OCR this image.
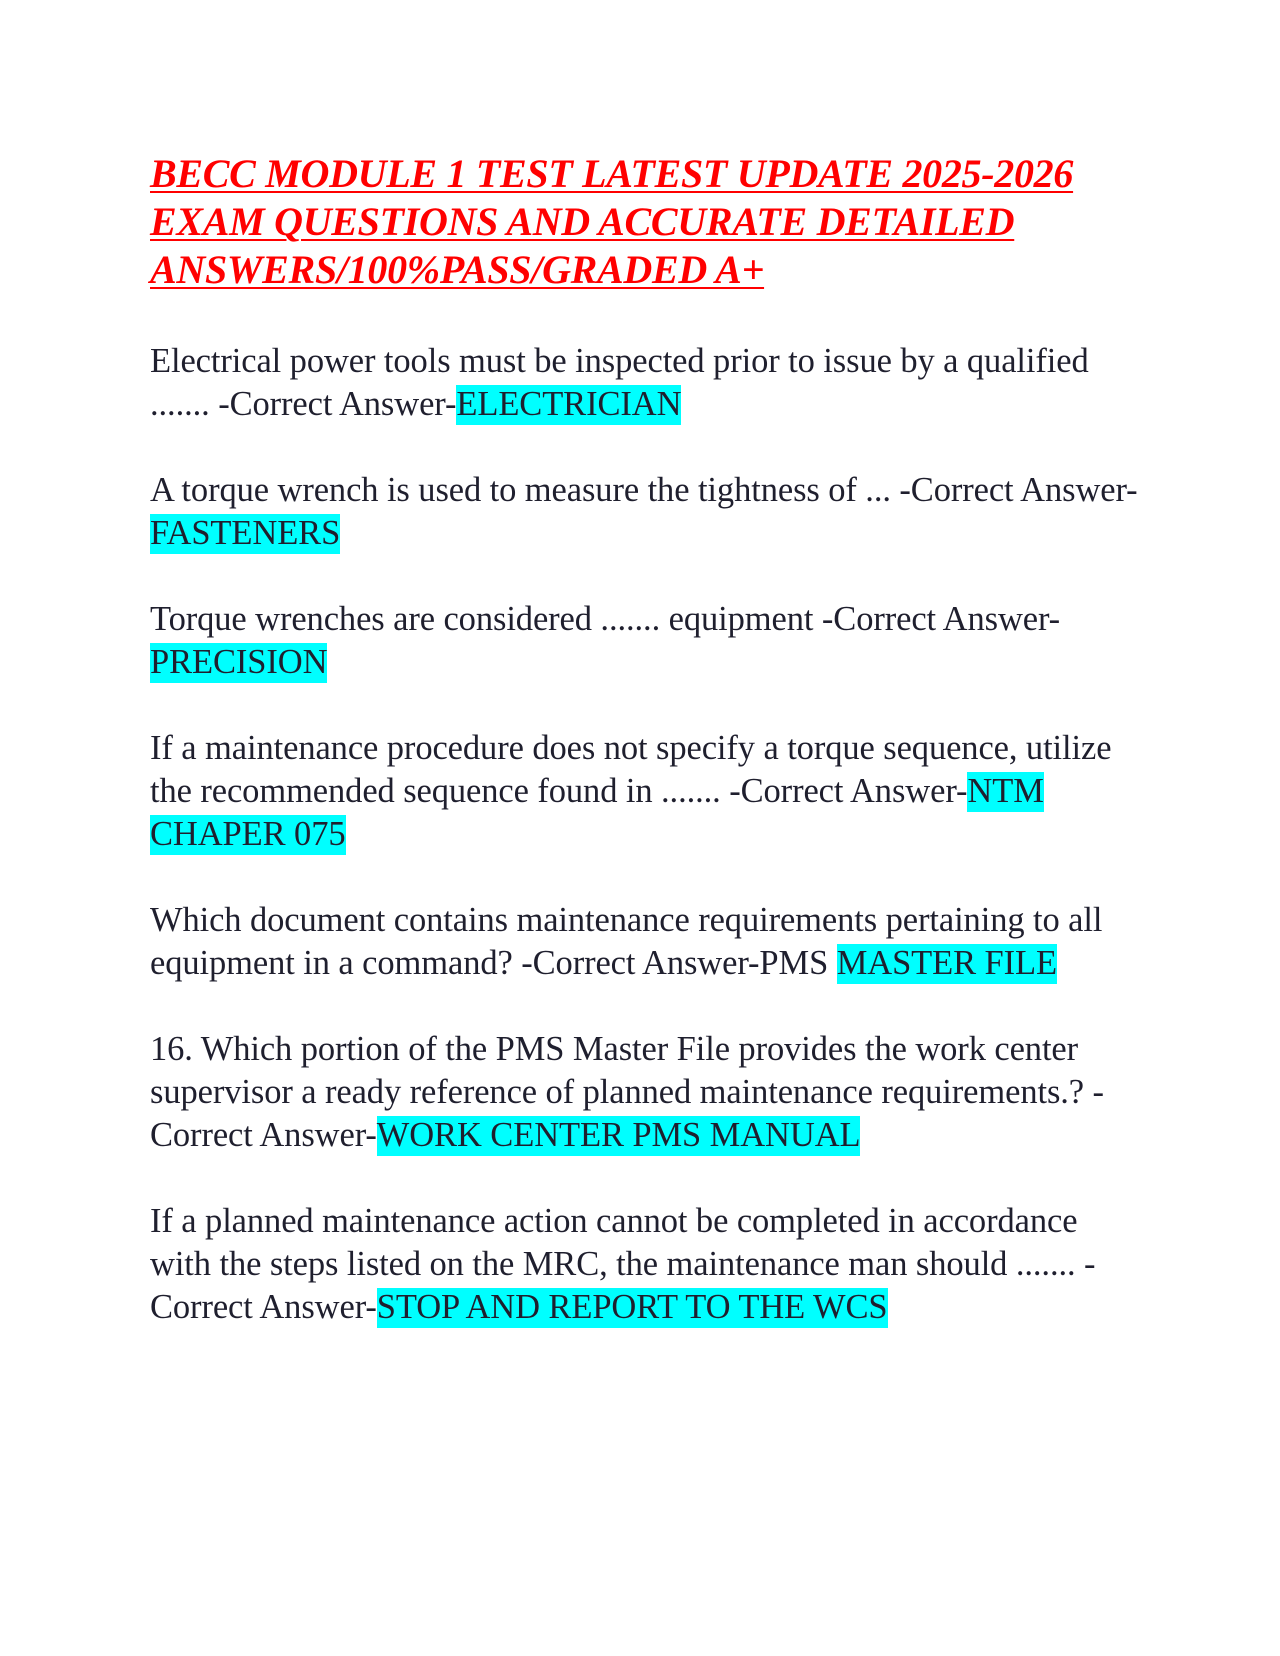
BECC MODULE 1 TEST LATEST UPDATE 2025-2026
EXAM QUESTIONS AND ACCURATE DETAILED
ANSWERS/100%PASS/GRADED A+

Electrical power tools must be inspected prior to issue by a qualified ....... -Correct Answer-ELECTRICIAN

A torque wrench is used to measure the tightness of ... -Correct Answer-FASTENERS

Torque wrenches are considered ....... equipment -Correct Answer-PRECISION

If a maintenance procedure does not specify a torque sequence, utilize the recommended sequence found in ....... -Correct Answer-NTM CHAPER 075

Which document contains maintenance requirements pertaining to all equipment in a command? -Correct Answer-PMS MASTER FILE

16. Which portion of the PMS Master File provides the work center supervisor a ready reference of planned maintenance requirements.? -Correct Answer-WORK CENTER PMS MANUAL

If a planned maintenance action cannot be completed in accordance with the steps listed on the MRC, the maintenance man should ....... -Correct Answer-STOP AND REPORT TO THE WCS
